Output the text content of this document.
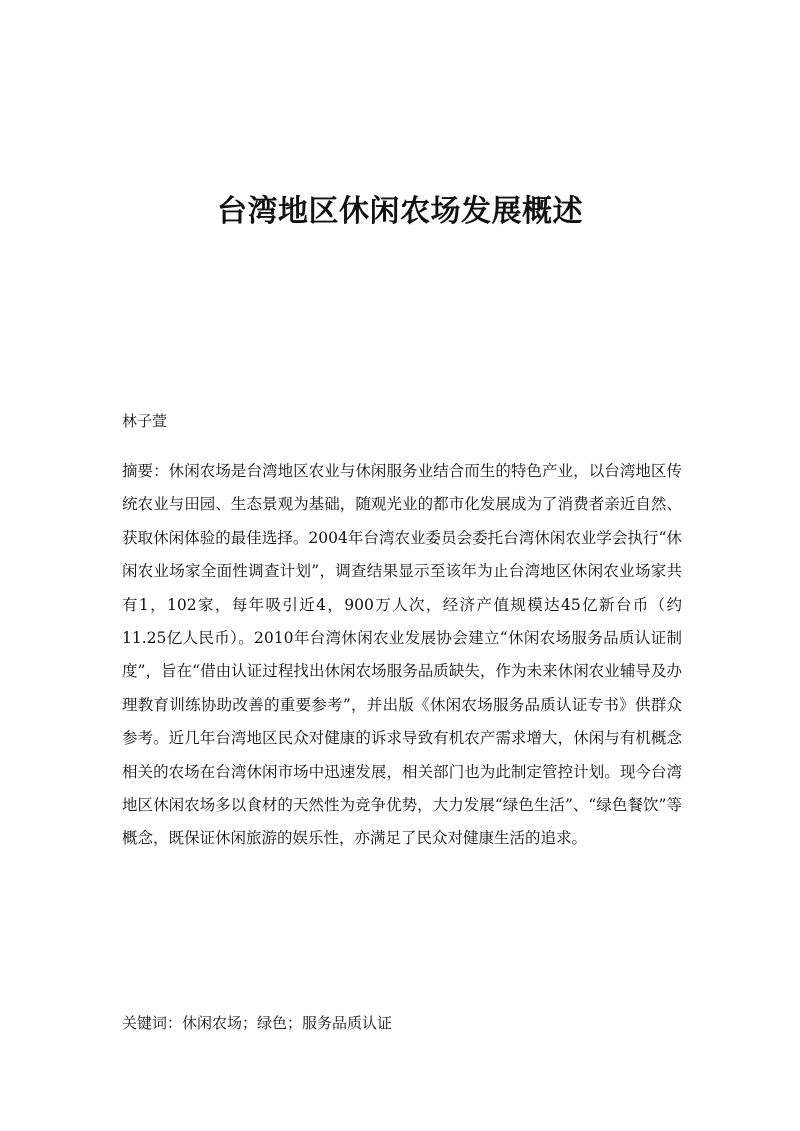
台湾地区休闲农场发展概述

林子萱

摘要：休闲农场是台湾地区农业与休闲服务业结合而生的特色产业，以台湾地区传统农业与田园、生态景观为基础，随观光业的都市化发展成为了消费者亲近自然、获取休闲体验的最佳选择。2004年台湾农业委员会委托台湾休闲农业学会执行“休闲农业场家全面性调查计划”，调查结果显示至该年为止台湾地区休闲农业场家共有1，102家，每年吸引近4，900万人次，经济产值规模达45亿新台币（约11.25亿人民币）。2010年台湾休闲农业发展协会建立“休闲农场服务品质认证制度”，旨在“借由认证过程找出休闲农场服务品质缺失，作为未来休闲农业辅导及办理教育训练协助改善的重要参考”，并出版《休闲农场服务品质认证专书》供群众参考。近几年台湾地区民众对健康的诉求导致有机农产需求增大，休闲与有机概念相关的农场在台湾休闲市场中迅速发展，相关部门也为此制定管控计划。现今台湾地区休闲农场多以食材的天然性为竞争优势，大力发展“绿色生活”、“绿色餐饮”等概念，既保证休闲旅游的娱乐性，亦满足了民众对健康生活的追求。

关键词：休闲农场；绿色；服务品质认证
